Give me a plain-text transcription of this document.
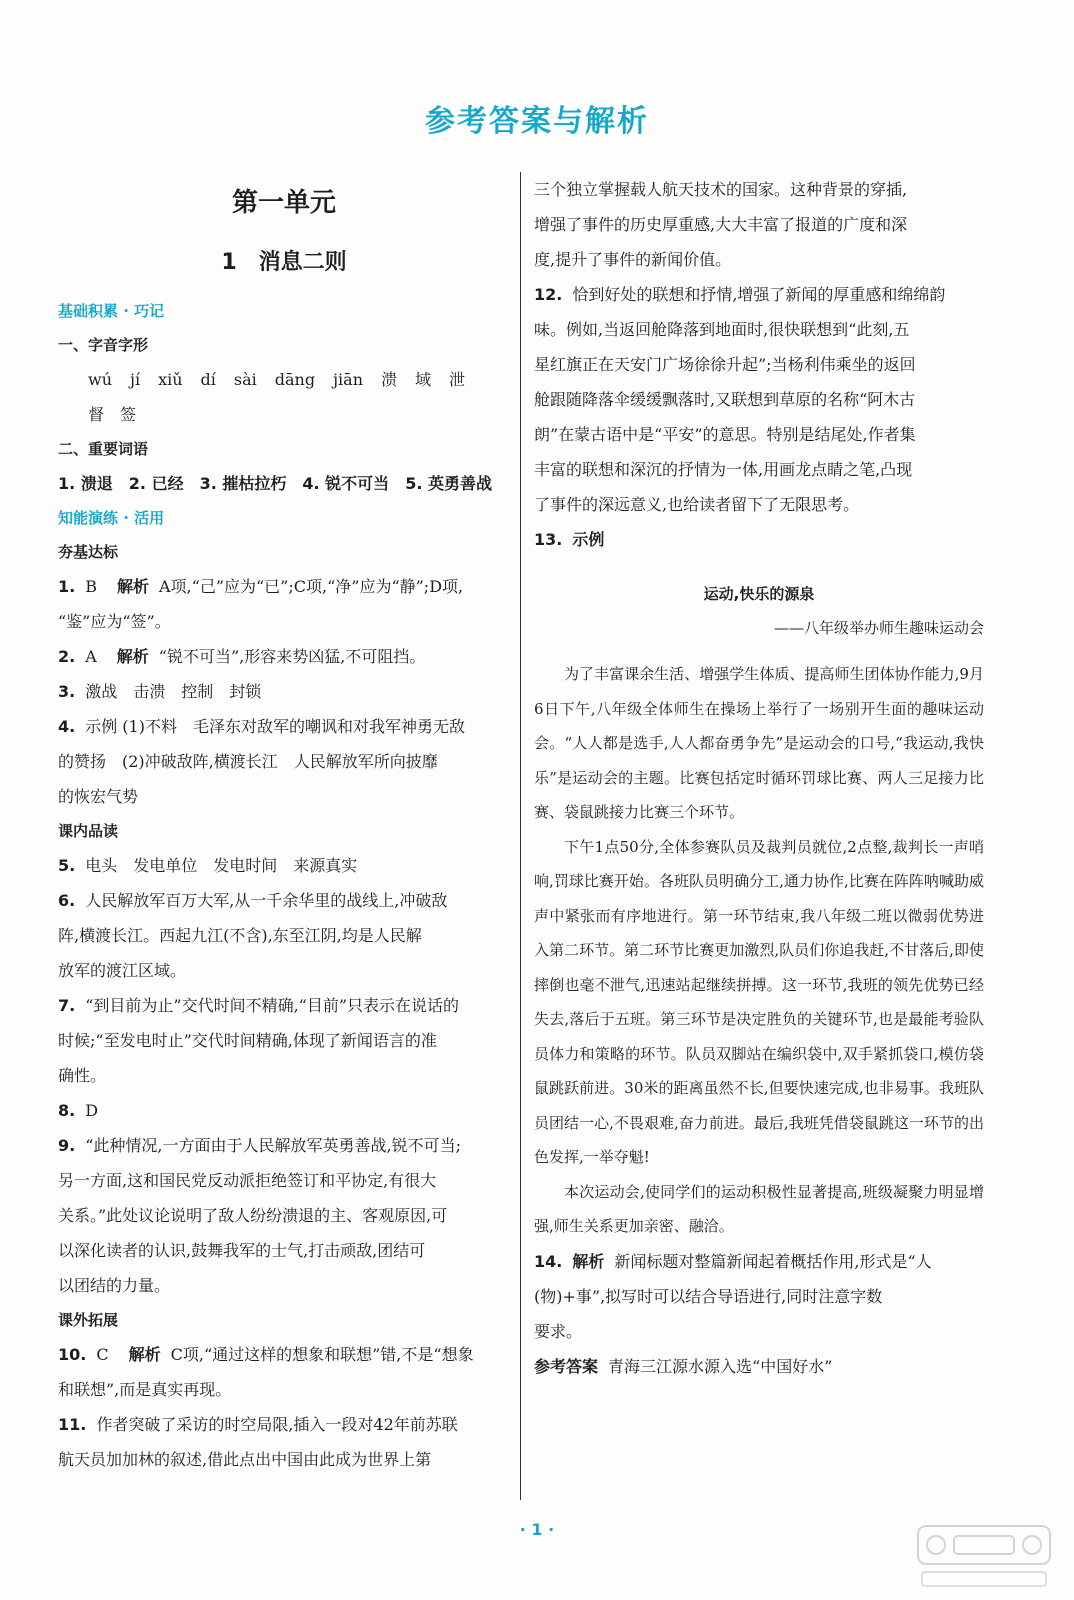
参考答案与解析
第一单元
1 消息二则
基础积累 · 巧记
一、字音字形
wú jí xiǔ dí sài dāng jiān 溃 域 泄
督 签
二、重要词语
1. 溃退 2. 已经 3. 摧枯拉朽 4. 锐不可当 5. 英勇善战
知能演练 · 活用
夯基达标
1. B 解析 A项,“己”应为“已”;C项,“净”应为“静”;D项,
“鉴”应为“签”。
2. A 解析 “锐不可当”,形容来势凶猛,不可阻挡。
3. 激战　击溃　控制　封锁
4. 示例 (1)不料　毛泽东对敌军的嘲讽和对我军神勇无敌
的赞扬　(2)冲破敌阵,横渡长江　人民解放军所向披靡
的恢宏气势
课内品读
5. 电头　发电单位　发电时间　来源真实
6. 人民解放军百万大军,从一千余华里的战线上,冲破敌
阵,横渡长江。西起九江(不含),东至江阴,均是人民解
放军的渡江区域。
7. “到目前为止”交代时间不精确,“目前”只表示在说话的
时候;“至发电时止”交代时间精确,体现了新闻语言的准
确性。
8. D
9. “此种情况,一方面由于人民解放军英勇善战,锐不可当;
另一方面,这和国民党反动派拒绝签订和平协定,有很大
关系。”此处议论说明了敌人纷纷溃退的主、客观原因,可
以深化读者的认识,鼓舞我军的士气,打击顽敌,团结可
以团结的力量。
课外拓展
10. C 解析 C项,“通过这样的想象和联想”错,不是“想象
和联想”,而是真实再现。
11. 作者突破了采访的时空局限,插入一段对42年前苏联
航天员加加林的叙述,借此点出中国由此成为世界上第
三个独立掌握载人航天技术的国家。这种背景的穿插,
增强了事件的历史厚重感,大大丰富了报道的广度和深
度,提升了事件的新闻价值。
12. 恰到好处的联想和抒情,增强了新闻的厚重感和绵绵韵
味。例如,当返回舱降落到地面时,很快联想到“此刻,五
星红旗正在天安门广场徐徐升起”;当杨利伟乘坐的返回
舱跟随降落伞缓缓飘落时,又联想到草原的名称“阿木古
朗”在蒙古语中是“平安”的意思。特别是结尾处,作者集
丰富的联想和深沉的抒情为一体,用画龙点睛之笔,凸现
了事件的深远意义,也给读者留下了无限思考。
13. 示例
运动,快乐的源泉
——八年级举办师生趣味运动会
为了丰富课余生活、增强学生体质、提高师生团体协作能力,9月6日下午,八年级全体师生在操场上举行了一场别开生面的趣味运动会。“人人都是选手,人人都奋勇争先”是运动会的口号,“我运动,我快乐”是运动会的主题。比赛包括定时循环罚球比赛、两人三足接力比赛、袋鼠跳接力比赛三个环节。
下午1点50分,全体参赛队员及裁判员就位,2点整,裁判长一声哨响,罚球比赛开始。各班队员明确分工,通力协作,比赛在阵阵呐喊助威声中紧张而有序地进行。第一环节结束,我八年级二班以微弱优势进入第二环节。第二环节比赛更加激烈,队员们你追我赶,不甘落后,即使摔倒也毫不泄气,迅速站起继续拼搏。这一环节,我班的领先优势已经失去,落后于五班。第三环节是决定胜负的关键环节,也是最能考验队员体力和策略的环节。队员双脚站在编织袋中,双手紧抓袋口,模仿袋鼠跳跃前进。30米的距离虽然不长,但要快速完成,也非易事。我班队员团结一心,不畏艰难,奋力前进。最后,我班凭借袋鼠跳这一环节的出色发挥,一举夺魁!
本次运动会,使同学们的运动积极性显著提高,班级凝聚力明显增强,师生关系更加亲密、融洽。
14. 解析 新闻标题对整篇新闻起着概括作用,形式是“人
(物)+事”,拟写时可以结合导语进行,同时注意字数
要求。
参考答案 青海三江源水源入选“中国好水”
· 1 ·
